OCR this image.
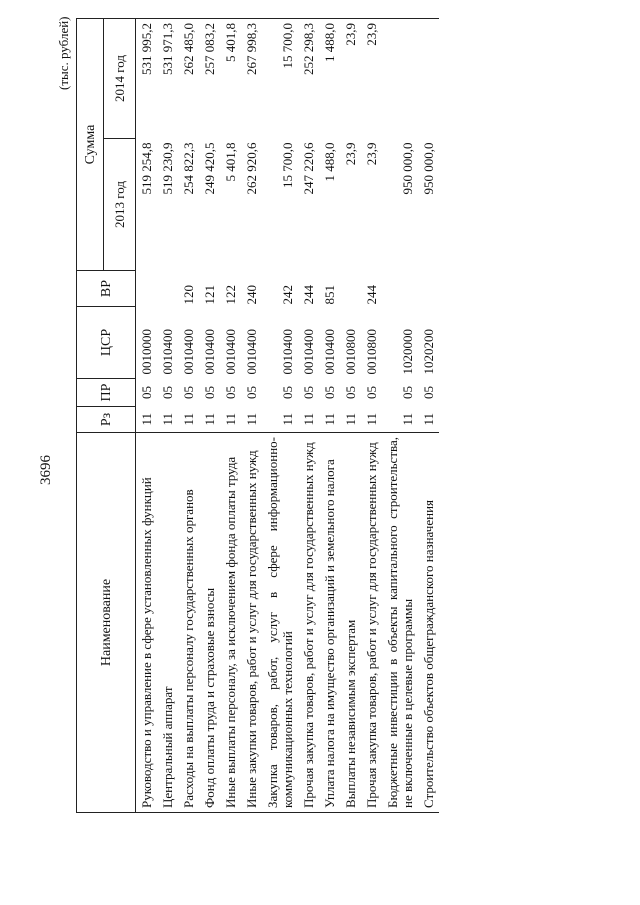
3696
(тыс. рублей)
Наименование	Рз	ПР	ЦСР	ВР	Сумма	
					2013 год	2014 год
Руководство и управление в сфере установленных функций	11	05	0010000		519 254,8	531 995,2
Центральный аппарат	11	05	0010400		519 230,9	531 971,3
Расходы на выплаты персоналу государственных органов	11	05	0010400	120	254 822,3	262 485,0
Фонд оплаты труда и страховые взносы	11	05	0010400	121	249 420,5	257 083,2
Иные выплаты персоналу, за исключением фонда оплаты труда	11	05	0010400	122	5 401,8	5 401,8
Иные закупки товаров, работ и услуг для государственных нужд	11	05	0010400	240	262 920,6	267 998,3
Закупка товаров, работ, услуг в сфере информационно-коммуникационных технологий	11	05	0010400	242	15 700,0	15 700,0
Прочая закупка товаров, работ и услуг для государственных нужд	11	05	0010400	244	247 220,6	252 298,3
Уплата налога на имущество организаций и земельного налога	11	05	0010400	851	1 488,0	1 488,0
Выплаты независимым экспертам	11	05	0010800		23,9	23,9
Прочая закупка товаров, работ и услуг для государственных нужд	11	05	0010800	244	23,9	23,9
Бюджетные инвестиции в объекты капитального строительства, не включенные в целевые программы	11	05	1020000		950 000,0	
Строительство объектов общегражданского назначения	11	05	1020200		950 000,0	
